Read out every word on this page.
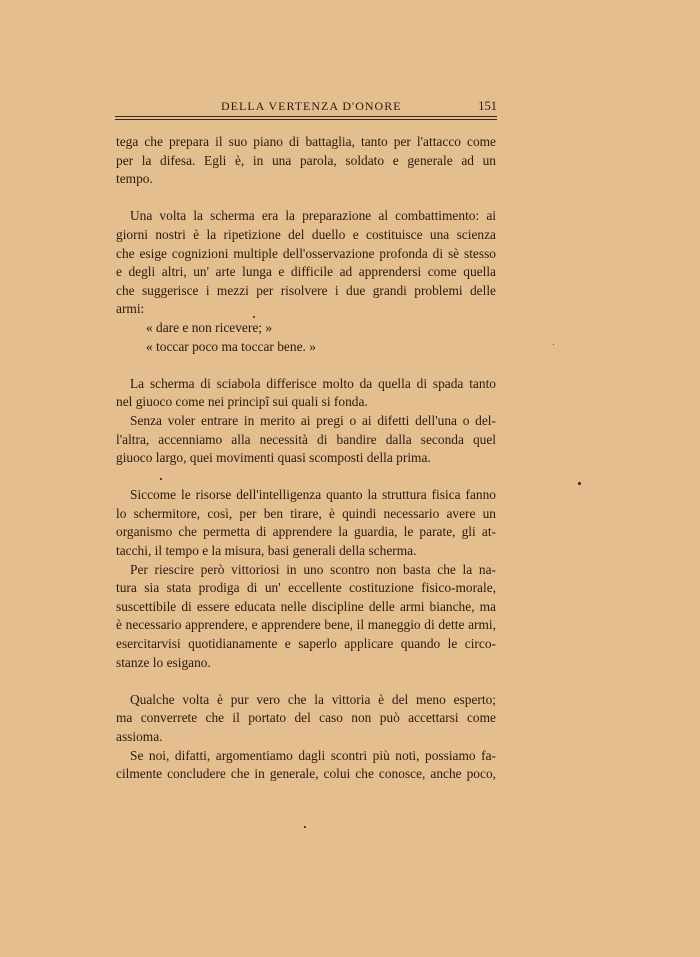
DELLA VERTENZA D'ONORE	151
tega che prepara il suo piano di battaglia, tanto per l'attacco come
per la difesa. Egli è, in una parola, soldato e generale ad un
tempo.
Una volta la scherma era la preparazione al combattimento: ai
giorni nostri è la ripetizione del duello e costituisce una scienza
che esige cognizioni multiple dell'osservazione profonda di sè stesso
e degli altri, un' arte lunga e difficile ad apprendersi come quella
che suggerisce i mezzi per risolvere i due grandi problemi delle
armi:
« dare e non ricevere; »
« toccar poco ma toccar bene. »
La scherma di sciabola differisce molto da quella di spada tanto
nel giuoco come nei principî sui quali si fonda.
Senza voler entrare in merito ai pregi o ai difetti dell'una o del-
l'altra, accenniamo alla necessità di bandire dalla seconda quel
giuoco largo, quei movimenti quasi scomposti della prima.
Siccome le risorse dell'intelligenza quanto la struttura fisica fanno
lo schermitore, così, per ben tirare, è quindi necessario avere un
organismo che permetta di apprendere la guardia, le parate, gli at-
tacchi, il tempo e la misura, basi generali della scherma.
Per riescire però vittoriosi in uno scontro non basta che la na-
tura sia stata prodiga di un' eccellente costituzione fisico-morale,
suscettibile di essere educata nelle discipline delle armi bianche, ma
è necessario apprendere, e apprendere bene, il maneggio di dette armi,
esercitarvisi quotidianamente e saperlo applicare quando le circo-
stanze lo esigano.
Qualche volta è pur vero che la vittoria è del meno esperto;
ma converrete che il portato del caso non può accettarsi come
assioma.
Se noi, difatti, argomentiamo dagli scontri più noti, possiamo fa-
cilmente concludere che in generale, colui che conosce, anche poco,
